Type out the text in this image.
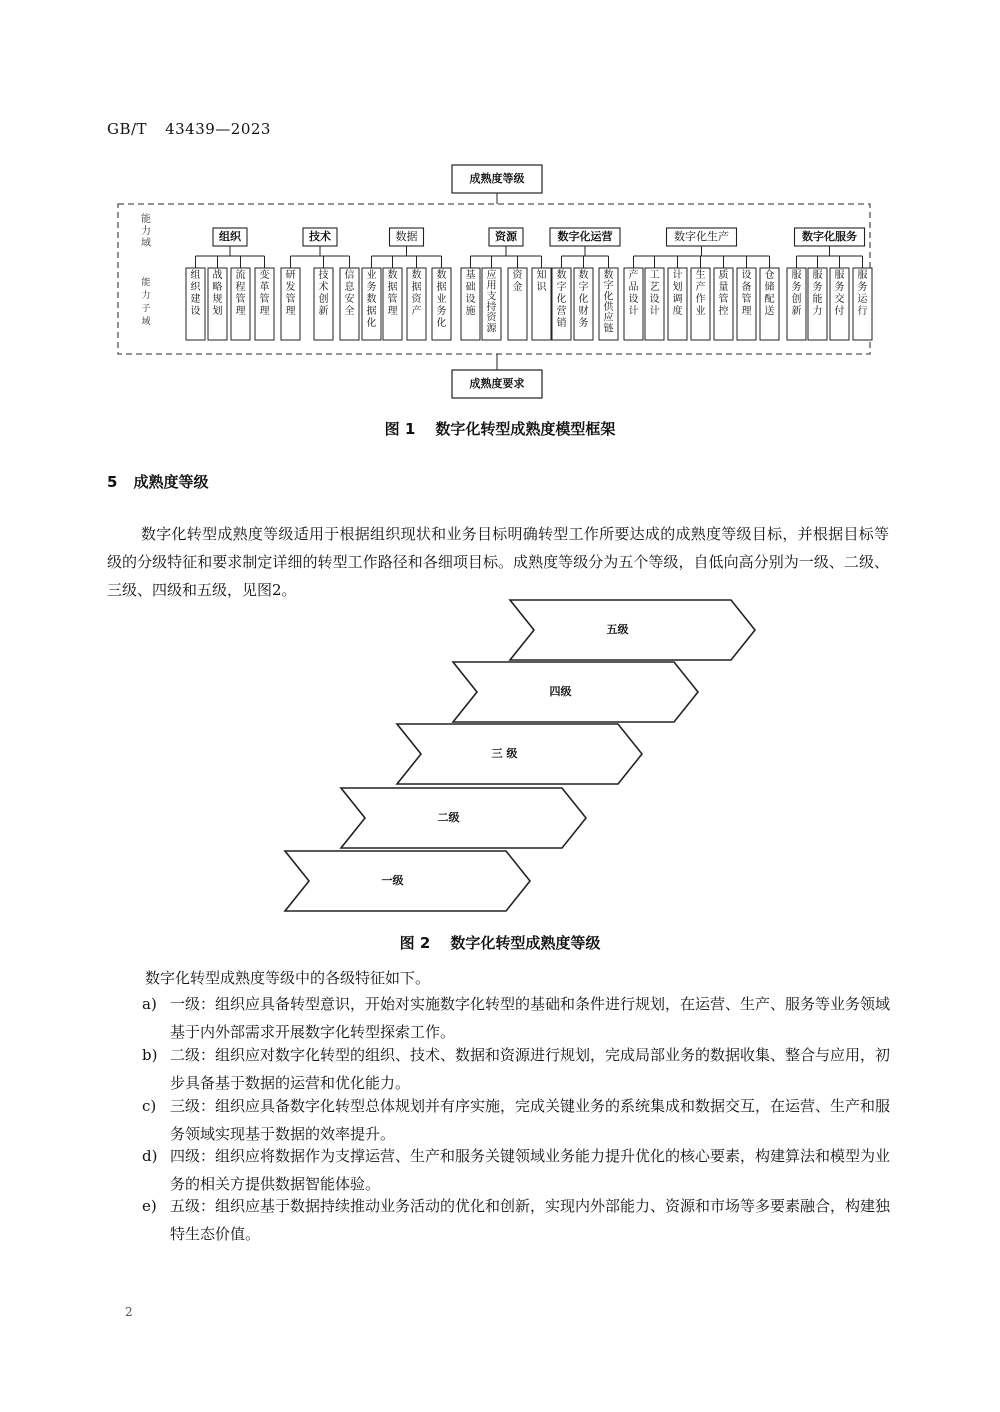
GB/T 43439—2023
成熟度等级
成熟度要求
能力域
能力子域
组织
组织建设
战略规划
流程管理
变革管理
技术
研发管理
技术创新
信息安全
数据
业务数据化
数据管理
数据资产
数据业务化
资源
基础设施
应用支持资源
资金
知识
数字化运营
数字化营销
数字化财务
数字化供应链
数字化生产
产品设计
工艺设计
计划调度
生产作业
质量管控
设备管理
仓储配送
数字化服务
服务创新
服务能力
服务交付
服务运行
图 1 数字化转型成熟度模型框架
5 成熟度等级
数字化转型成熟度等级适用于根据组织现状和业务目标明确转型工作所要达成的成熟度等级目标，并根据目标等级的分级特征和要求制定详细的转型工作路径和各细项目标。成熟度等级分为五个等级，自低向高分别为一级、二级、三级、四级和五级，见图2。
五级
四级
三 级
二级
一级
图 2 数字化转型成熟度等级
数字化转型成熟度等级中的各级特征如下。
a) 一级：组织应具备转型意识，开始对实施数字化转型的基础和条件进行规划，在运营、生产、服务等业务领域基于内外部需求开展数字化转型探索工作。
b) 二级：组织应对数字化转型的组织、技术、数据和资源进行规划，完成局部业务的数据收集、整合与应用，初步具备基于数据的运营和优化能力。
c) 三级：组织应具备数字化转型总体规划并有序实施，完成关键业务的系统集成和数据交互，在运营、生产和服务领域实现基于数据的效率提升。
d) 四级：组织应将数据作为支撑运营、生产和服务关键领域业务能力提升优化的核心要素，构建算法和模型为业务的相关方提供数据智能体验。
e) 五级：组织应基于数据持续推动业务活动的优化和创新，实现内外部能力、资源和市场等多要素融合，构建独特生态价值。
2
